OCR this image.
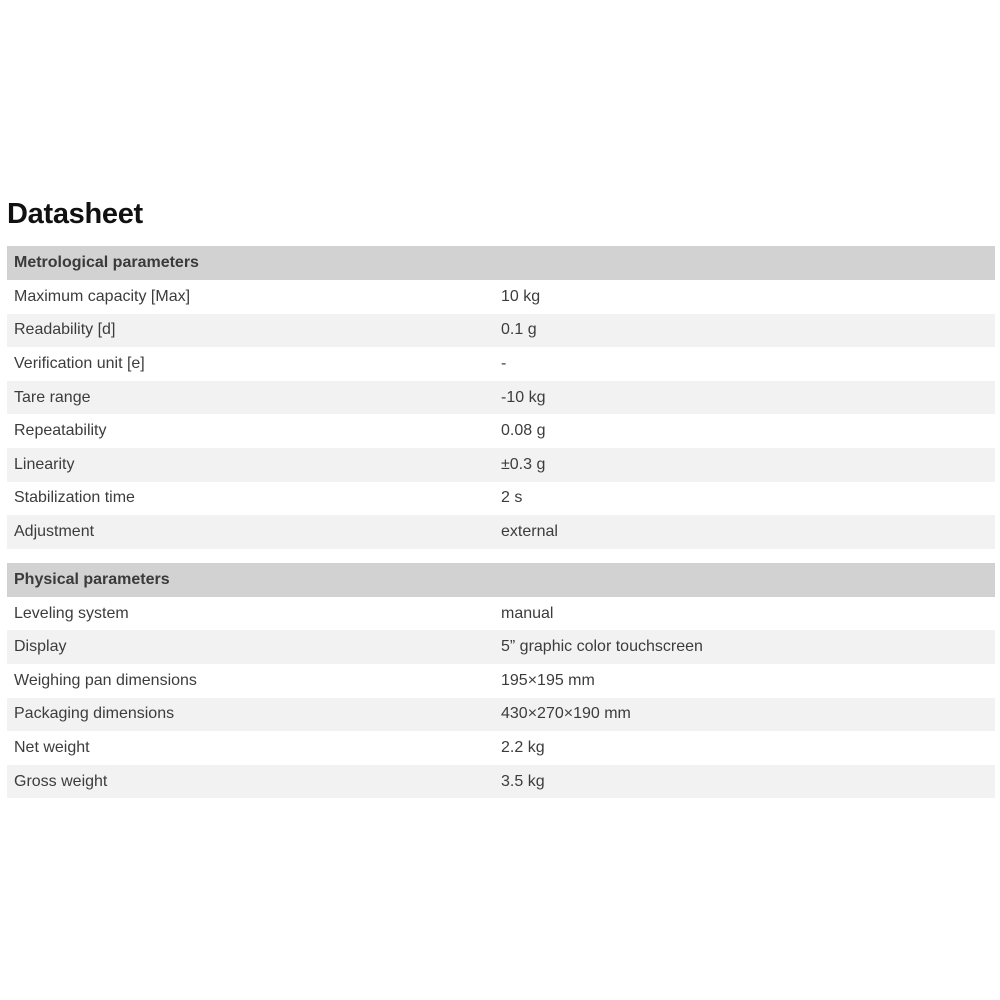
Datasheet
Metrological parameters
Maximum capacity [Max]	10 kg
Readability [d]	0.1 g
Verification unit [e]	-
Tare range	-10 kg
Repeatability	0.08 g
Linearity	±0.3 g
Stabilization time	2 s
Adjustment	external
Physical parameters
Leveling system	manual
Display	5” graphic color touchscreen
Weighing pan dimensions	195×195 mm
Packaging dimensions	430×270×190 mm
Net weight	2.2 kg
Gross weight	3.5 kg
